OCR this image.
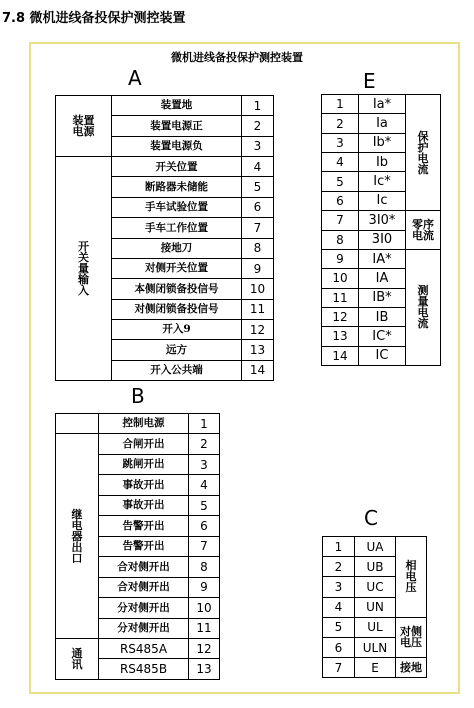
7.8 微机进线备投保护测控装置
微机进线备投保护测控装置
A
B
E
C
装置
电源	装置地	1
	装置电源正	2
	装置电源负	3
开
关
量
输
入	开关位置	4
	断路器未储能	5
	手车试验位置	6
	手车工作位置	7
	接地刀	8
	对侧开关位置	9
	本侧闭锁备投信号	10
	对侧闭锁备投信号	11
	开入9	12
	远方	13
	开入公共端	14
	控制电源	1
继
电
器
出
口	合闸开出	2
	跳闸开出	3
	事故开出	4
	事故开出	5
	告警开出	6
	告警开出	7
	合对侧开出	8
	合对侧开出	9
	分对侧开出	10
	分对侧开出	11
通
讯	RS485A	12
	RS485B	13
1	Ia*	保
护
电
流
2	Ia	
3	Ib*	
4	Ib	
5	Ic*	
6	Ic	
7	3I0*	零序
电流
8	3I0	
9	IA*	测
量
电
流
10	IA	
11	IB*	
12	IB	
13	IC*	
14	IC	
1	UA	相
电
压
2	UB	
3	UC	
4	UN	
5	UL	对侧
电压
6	ULN	
7	E	接地
